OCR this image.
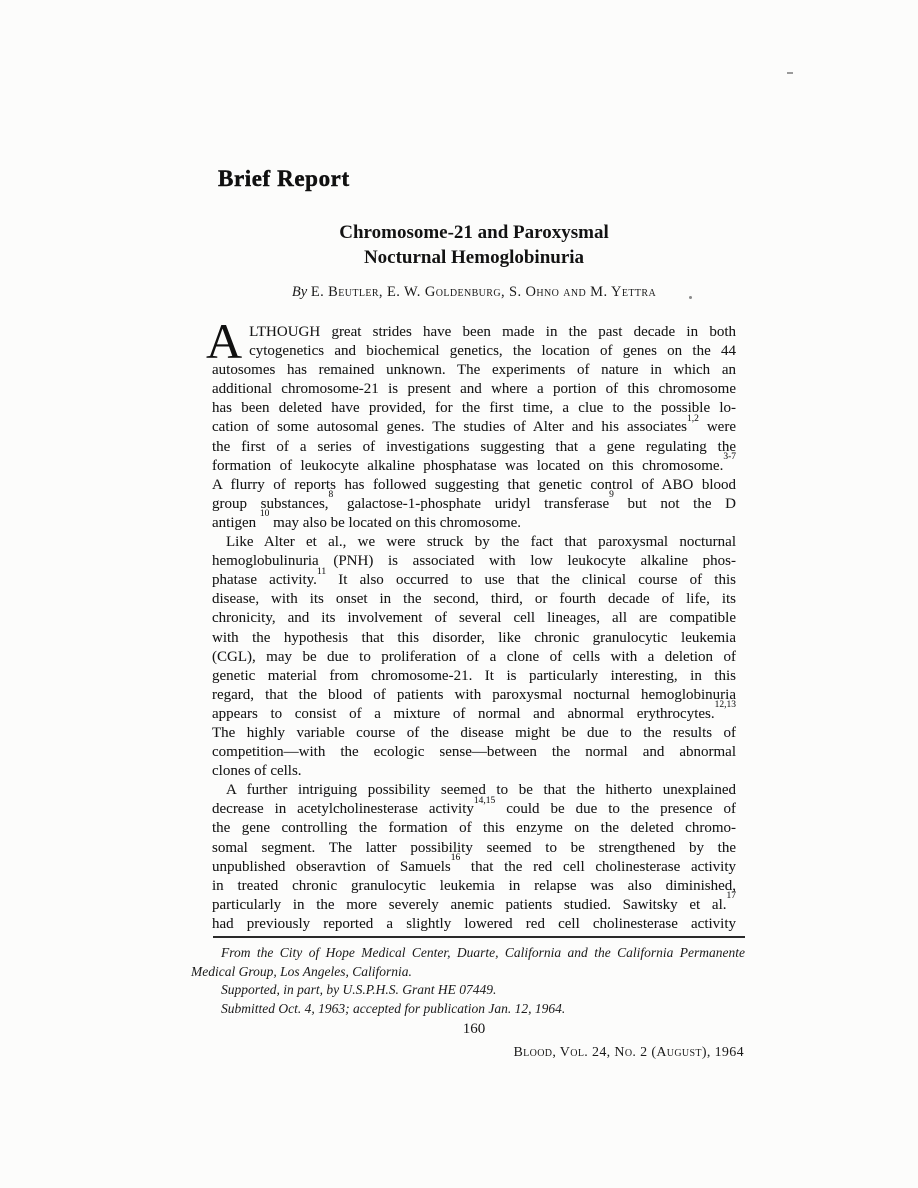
Brief Report
Chromosome-21 and Paroxysmal
Nocturnal Hemoglobinuria
By E. Beutler, E. W. Goldenburg, S. Ohno and M. Yettra
A LTHOUGH great strides have been made in the past decade in both
cytogenetics and biochemical genetics, the location of genes on the 44
autosomes has remained unknown. The experiments of nature in which an
additional chromosome-21 is present and where a portion of this chromosome
has been deleted have provided, for the first time, a clue to the possible lo-
cation of some autosomal genes. The studies of Alter and his associates$^{1,2}$ were
the first of a series of investigations suggesting that a gene regulating the
formation of leukocyte alkaline phosphatase was located on this chromosome.$^{3-7}$
A flurry of reports has followed suggesting that genetic control of ABO blood
group substances,$^8$ galactose-1-phosphate uridyl transferase$^9$ but not the D
antigen $^{10}$ may also be located on this chromosome.
Like Alter et al., we were struck by the fact that paroxysmal nocturnal
hemoglobulinuria (PNH) is associated with low leukocyte alkaline phos-
phatase activity.$^{11}$ It also occurred to use that the clinical course of this
disease, with its onset in the second, third, or fourth decade of life, its
chronicity, and its involvement of several cell lineages, all are compatible
with the hypothesis that this disorder, like chronic granulocytic leukemia
(CGL), may be due to proliferation of a clone of cells with a deletion of
genetic material from chromosome-21. It is particularly interesting, in this
regard, that the blood of patients with paroxysmal nocturnal hemoglobinuria
appears to consist of a mixture of normal and abnormal erythrocytes.$^{12,13}$
The highly variable course of the disease might be due to the results of
competition—with the ecologic sense—between the normal and abnormal
clones of cells.
A further intriguing possibility seemed to be that the hitherto unexplained
decrease in acetylcholinesterase activity$^{14,15}$ could be due to the presence of
the gene controlling the formation of this enzyme on the deleted chromo-
somal segment. The latter possibility seemed to be strengthened by the
unpublished obseravtion of Samuels$^{16}$ that the red cell cholinesterase activity
in treated chronic granulocytic leukemia in relapse was also diminished,
particularly in the more severely anemic patients studied. Sawitsky et al.$^{17}$
had previously reported a slightly lowered red cell cholinesterase activity
From the City of Hope Medical Center, Duarte, California and the California Permanente
Medical Group, Los Angeles, California.
Supported, in part, by U.S.P.H.S. Grant HE 07449.
Submitted Oct. 4, 1963; accepted for publication Jan. 12, 1964.
160
Blood, Vol. 24, No. 2 (August), 1964
